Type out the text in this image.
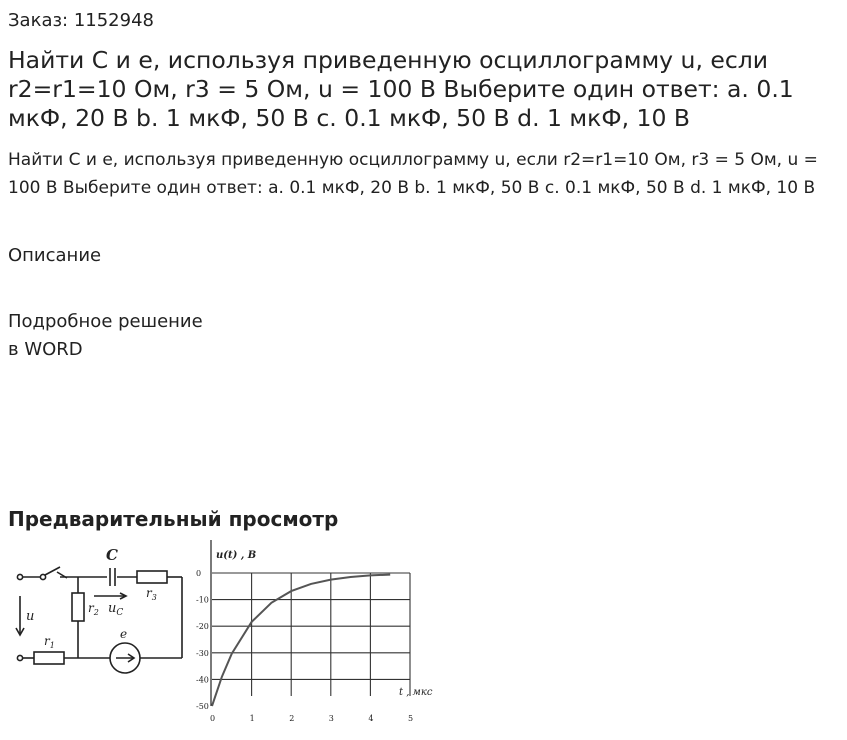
Заказ: 1152948
Найти C и e, используя приведенную осциллограмму u, если r2=r1=10 Ом, r3 = 5 Ом, u = 100 В Выберите один ответ: a. 0.1 мкФ, 20 В b. 1 мкФ, 50 В c. 0.1 мкФ, 50 В d. 1 мкФ, 10 В
Найти C и e, используя приведенную осциллограмму u, если r2=r1=10 Ом, r3 = 5 Ом, u = 100 В Выберите один ответ: a. 0.1 мкФ, 20 В b. 1 мкФ, 50 В c. 0.1 мкФ, 50 В d. 1 мкФ, 10 В
Описание
Подробное решение
в WORD
Предварительный просмотр
C
u
$u_C$
$r_2$
$r_3$
$r_1$
e
0	1	2	3	4	5
0
-10
-20
-30
-40
-50
u(t) , В
t , мкс
